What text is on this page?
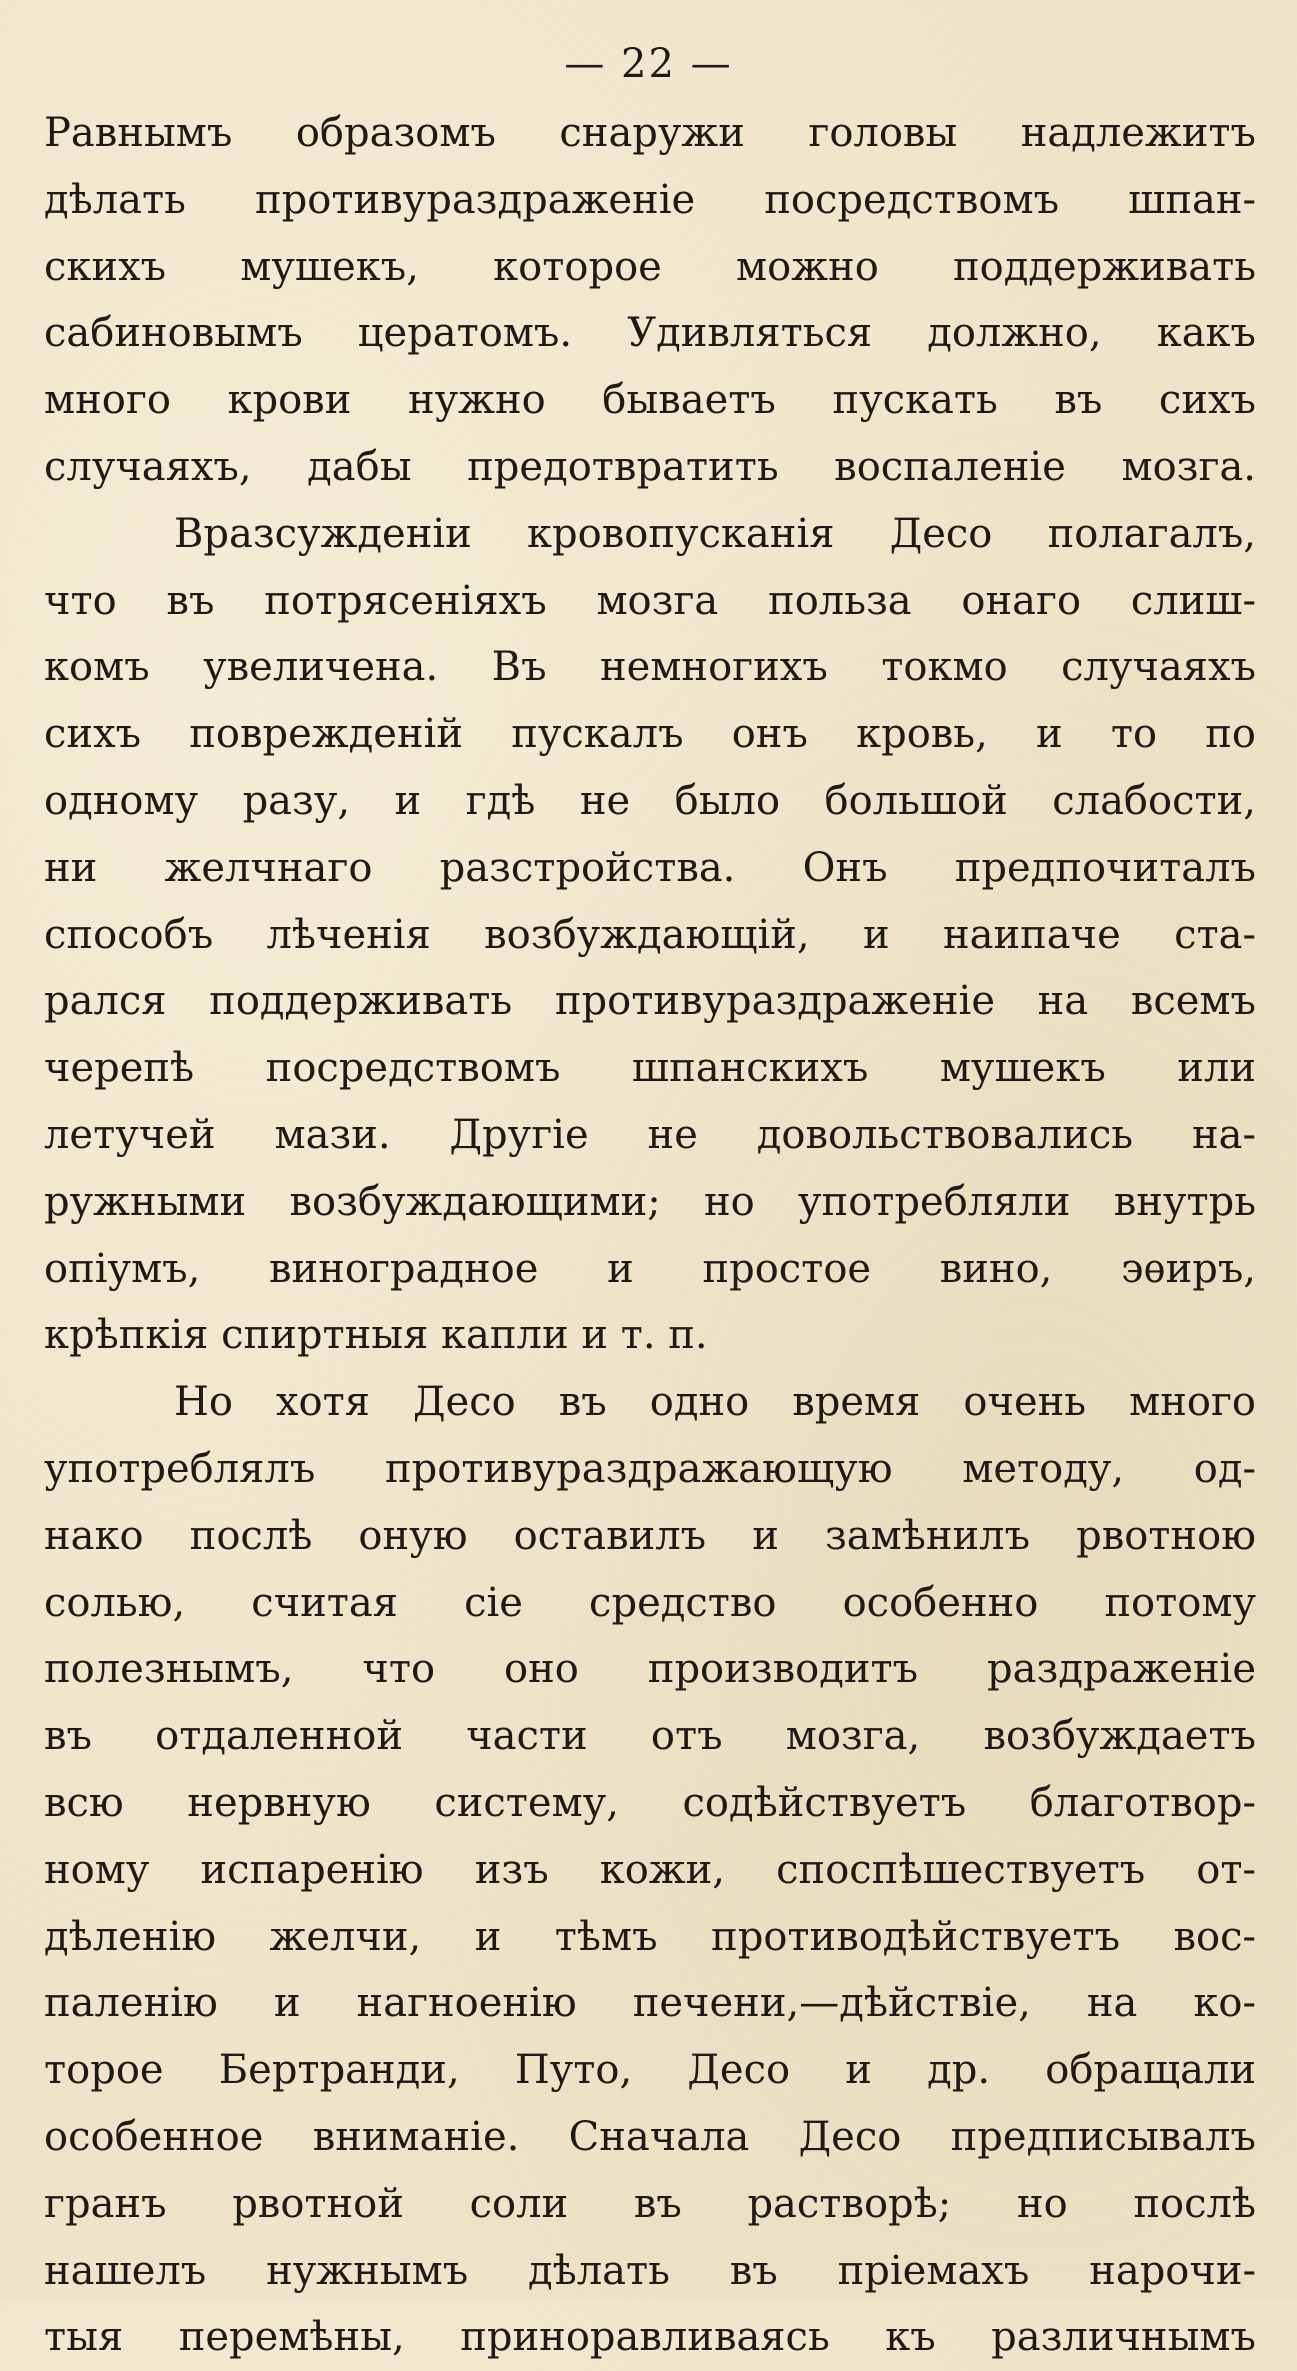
— 22 —
Равнымъ образомъ снаружи головы надлежитъ
дѣлать противураздраженіе посредствомъ шпан-
скихъ мушекъ, которое можно поддерживать
сабиновымъ цератомъ. Удивляться должно, какъ
много крови нужно бываетъ пускать въ сихъ
случаяхъ, дабы предотвратить воспаленіе мозга.
Вразсужденіи кровопусканія Десо полагалъ,
что въ потрясеніяхъ мозга польза онаго слиш-
комъ увеличена. Въ немногихъ токмо случаяхъ
сихъ поврежденій пускалъ онъ кровь, и то по
одному разу, и гдѣ не было большой слабости,
ни желчнаго разстройства. Онъ предпочиталъ
способъ лѣченія возбуждающій, и наипаче ста-
рался поддерживать противураздраженіе на всемъ
черепѣ посредствомъ шпанскихъ мушекъ или
летучей мази. Другіе не довольствовались на-
ружными возбуждающими; но употребляли внутрь
опіумъ, виноградное и простое вино, эѳиръ,
крѣпкія спиртныя капли и т. п.
Но хотя Десо въ одно время очень много
употреблялъ противураздражающую методу, од-
нако послѣ оную оставилъ и замѣнилъ рвотною
солью, считая сіе средство особенно потому
полезнымъ, что оно производитъ раздраженіе
въ отдаленной части отъ мозга, возбуждаетъ
всю нервную систему, содѣйствуетъ благотвор-
ному испаренію изъ кожи, споспѣшествуетъ от-
дѣленію желчи, и тѣмъ противодѣйствуетъ вос-
паленію и нагноенію печени,—дѣйствіе, на ко-
торое Бертранди, Путо, Десо и др. обращали
особенное вниманіе. Сначала Десо предписывалъ
гранъ рвотной соли въ растворѣ; но послѣ
нашелъ нужнымъ дѣлать въ пріемахъ нарочи-
тыя перемѣны, приноравливаясь къ различнымъ
